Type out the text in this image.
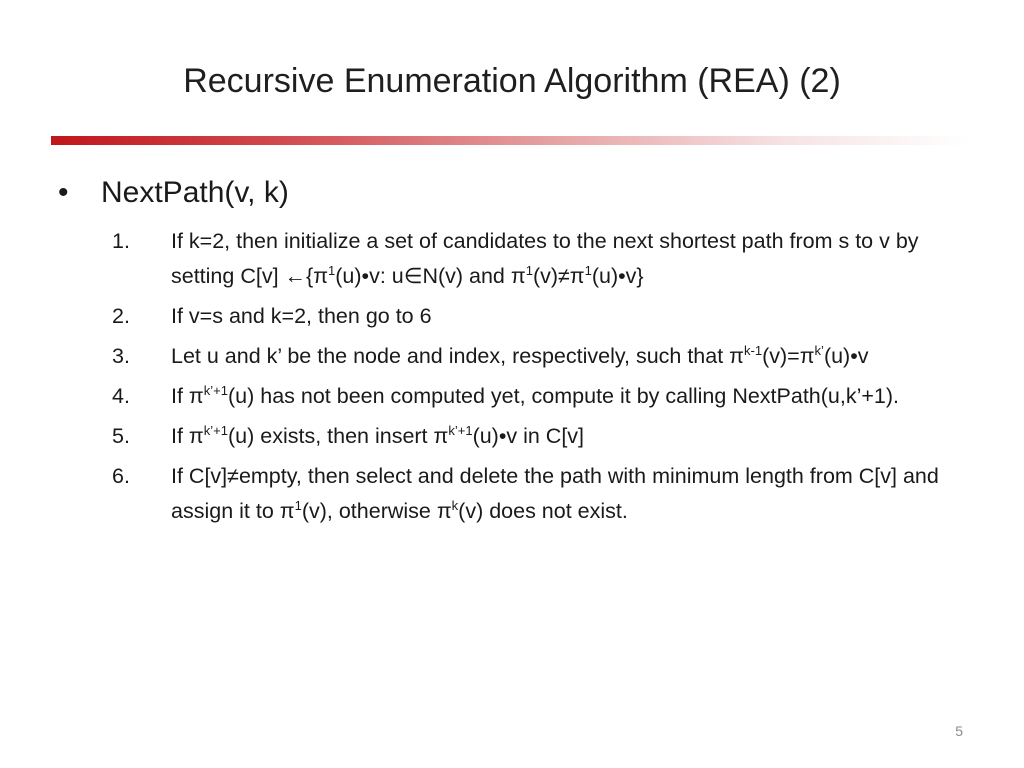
Recursive Enumeration Algorithm (REA) (2)
•	NextPath(v, k)
1. If k=2, then initialize a set of candidates to the next shortest path from s to v by setting C[v] $\leftarrow\{\pi^1(u)•v$: u∈N(v) and $\pi^1(v)\ne\pi^1(u)•v$}
2. If v=s and k=2, then go to 6
3. Let u and k’ be the node and index, respectively, such that $\pi^{k-1}(v)=\pi^{k’}(u)•v$
4. If $\pi^{k’+1}(u)$ has not been computed yet, compute it by calling NextPath(u,k’+1).
5. If $\pi^{k’+1}(u)$ exists, then insert $\pi^{k’+1}(u)•v$ in C[v]
6. If C[v]≠empty, then select and delete the path with minimum length from C[v] and assign it to $\pi^1(v)$, otherwise $\pi^k(v)$ does not exist.
5
